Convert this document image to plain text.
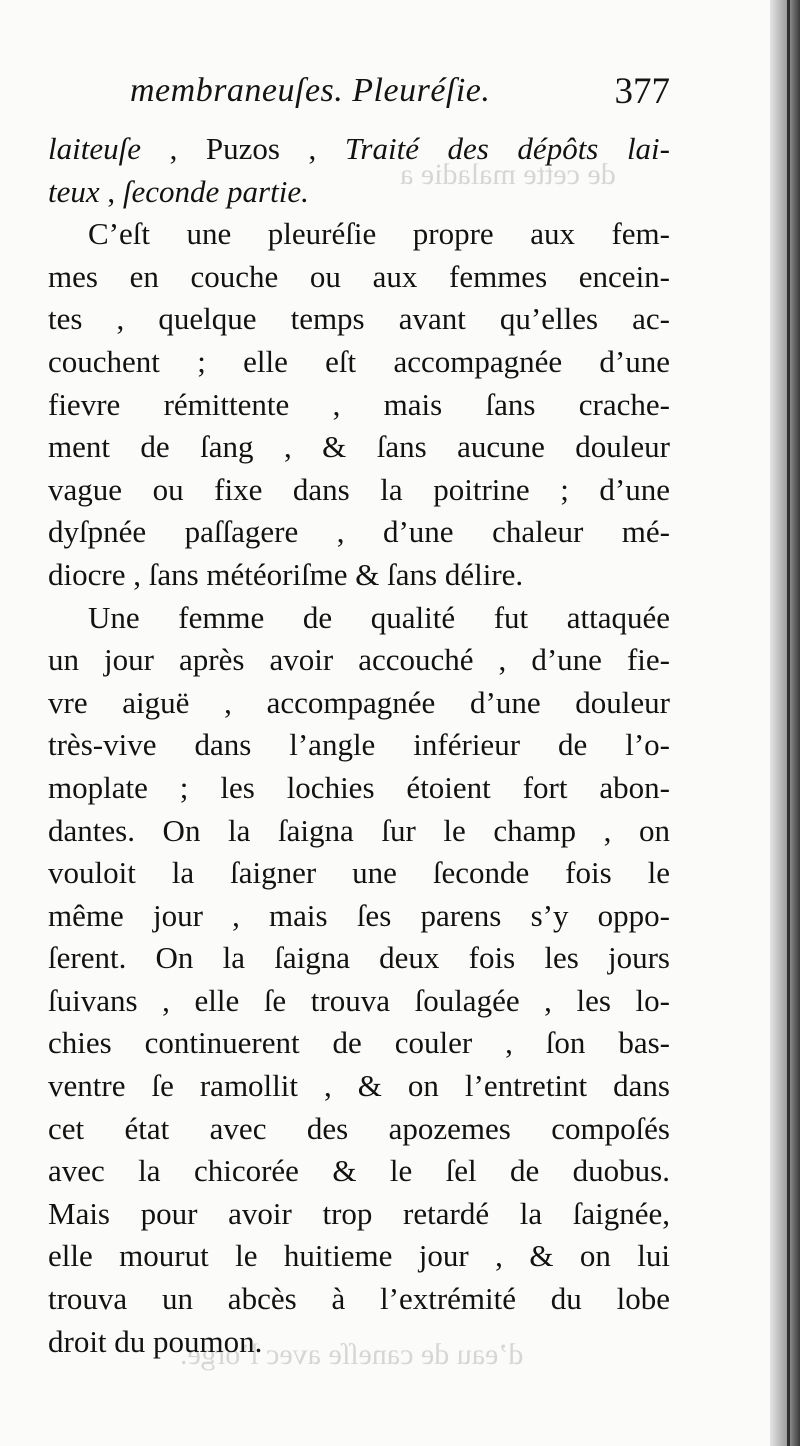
de cette maladie a
d’eau de caneſſe avec l’orge.
membraneuſes. Pleuréſie.	377
laiteuſe , Puzos , Traité des dépôts lai-
teux , ſeconde partie.
C’eſt une pleuréſie propre aux fem-
mes en couche ou aux femmes encein-
tes , quelque temps avant qu’elles ac-
couchent ; elle eſt accompagnée d’une
fievre rémittente , mais ſans crache-
ment de ſang , & ſans aucune douleur
vague ou fixe dans la poitrine ; d’une
dyſpnée paſſagere , d’une chaleur mé-
diocre , ſans météoriſme & ſans délire.
Une femme de qualité fut attaquée
un jour après avoir accouché , d’une fie-
vre aiguë , accompagnée d’une douleur
très-vive dans l’angle inférieur de l’o-
moplate ; les lochies étoient fort abon-
dantes. On la ſaigna ſur le champ , on
vouloit la ſaigner une ſeconde fois le
même jour , mais ſes parens s’y oppo-
ſerent. On la ſaigna deux fois les jours
ſuivans , elle ſe trouva ſoulagée , les lo-
chies continuerent de couler , ſon bas-
ventre ſe ramollit , & on l’entretint dans
cet état avec des apozemes compoſés
avec la chicorée & le ſel de duobus.
Mais pour avoir trop retardé la ſaignée,
elle mourut le huitieme jour , & on lui
trouva un abcès à l’extrémité du lobe
droit du poumon.
